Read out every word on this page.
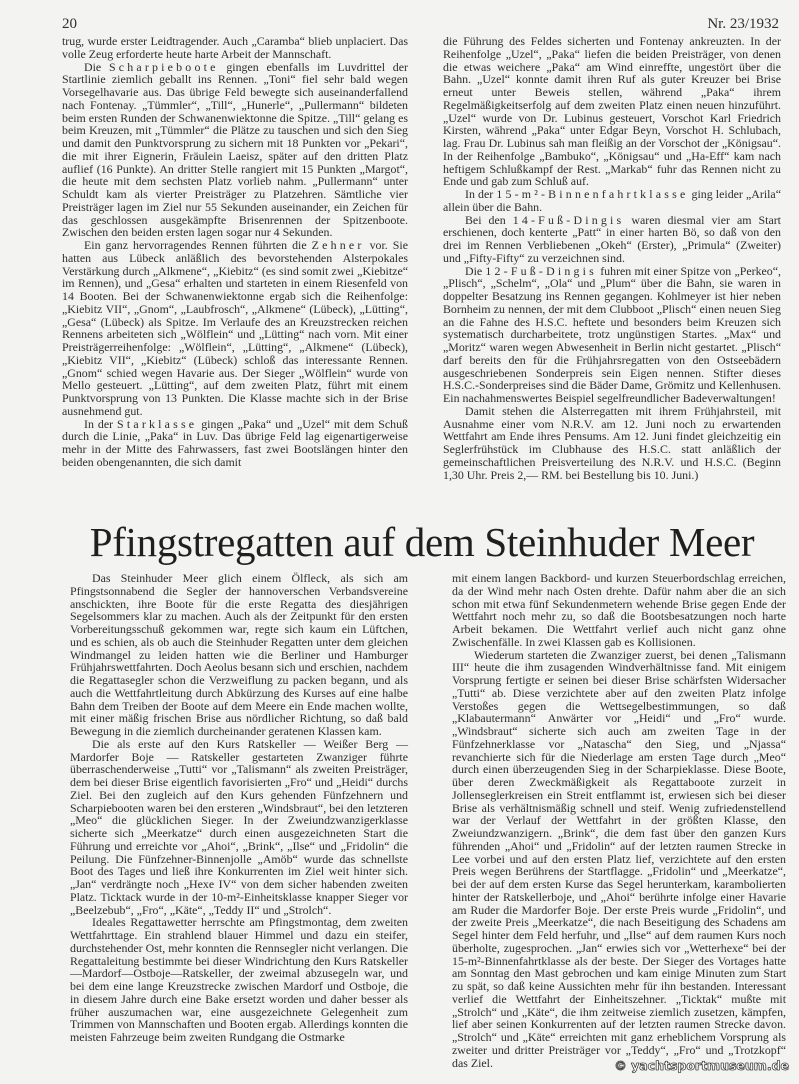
20	Nr. 23/1932

trug, wurde erster Leidtragender. Auch „Caramba“ blieb unplaciert. Das volle Zeug erforderte heute harte Arbeit der Mannschaft.

Die Scharpieboote gingen ebenfalls im Luvdrittel der Startlinie ziemlich geballt ins Rennen. „Toni“ fiel sehr bald wegen Vorsegelhavarie aus. Das übrige Feld bewegte sich auseinanderfallend nach Fontenay. „Tümmler“, „Till“, „Hunerle“, „Pullermann“ bildeten beim ersten Runden der Schwanenwiektonne die Spitze. „Till“ gelang es beim Kreuzen, mit „Tümmler“ die Plätze zu tauschen und sich den Sieg und damit den Punktvorsprung zu sichern mit 18 Punkten vor „Pekari“, die mit ihrer Eignerin, Fräulein Laeisz, später auf den dritten Platz auflief (16 Punkte). An dritter Stelle rangiert mit 15 Punkten „Margot“, die heute mit dem sechsten Platz vorlieb nahm. „Pullermann“ unter Schuldt kam als vierter Preisträger zu Platzehren. Sämtliche vier Preisträger lagen im Ziel nur 55 Sekunden auseinander, ein Zeichen für das geschlossen ausgekämpfte Brisenrennen der Spitzenboote. Zwischen den beiden ersten lagen sogar nur 4 Sekunden.

Ein ganz hervorragendes Rennen führten die Zehner vor. Sie hatten aus Lübeck anläßlich des bevorstehenden Alsterpokales Verstärkung durch „Alkmene“, „Kiebitz“ (es sind somit zwei „Kiebitze“ im Rennen), und „Gesa“ erhalten und starteten in einem Riesenfeld von 14 Booten. Bei der Schwanenwiektonne ergab sich die Reihenfolge: „Kiebitz VII“, „Gnom“, „Laubfrosch“, „Alkmene“ (Lübeck), „Lütting“, „Gesa“ (Lübeck) als Spitze. Im Verlaufe des an Kreuzstrecken reichen Rennens arbeiteten sich „Wölflein“ und „Lütting“ nach vorn. Mit einer Preisträgerreihenfolge: „Wölflein“, „Lütting“, „Alkmene“ (Lübeck), „Kiebitz VII“, „Kiebitz“ (Lübeck) schloß das interessante Rennen. „Gnom“ schied wegen Havarie aus. Der Sieger „Wölflein“ wurde von Mello gesteuert. „Lütting“, auf dem zweiten Platz, führt mit einem Punktvorsprung von 13 Punkten. Die Klasse machte sich in der Brise ausnehmend gut.

In der Starklasse gingen „Paka“ und „Uzel“ mit dem Schuß durch die Linie, „Paka“ in Luv. Das übrige Feld lag eigenartigerweise mehr in der Mitte des Fahrwassers, fast zwei Bootslängen hinter den beiden obengenannten, die sich damit

die Führung des Feldes sicherten und Fontenay ankreuzten. In der Reihenfolge „Uzel“, „Paka“ liefen die beiden Preisträger, von denen die etwas weichere „Paka“ am Wind einreffte, ungestört über die Bahn. „Uzel“ konnte damit ihren Ruf als guter Kreuzer bei Brise erneut unter Beweis stellen, während „Paka“ ihrem Regelmäßigkeitserfolg auf dem zweiten Platz einen neuen hinzuführt. „Uzel“ wurde von Dr. Lubinus gesteuert, Vorschot Karl Friedrich Kirsten, während „Paka“ unter Edgar Beyn, Vorschot H. Schlubach, lag. Frau Dr. Lubinus sah man fleißig an der Vorschot der „Königsau“. In der Reihenfolge „Bambuko“, „Königsau“ und „Ha-Eff“ kam nach heftigem Schlußkampf der Rest. „Markab“ fuhr das Rennen nicht zu Ende und gab zum Schluß auf.

In der 15-m²-Binnenfahrtklasse ging leider „Arila“ allein über die Bahn.

Bei den 14-Fuß-Dingis waren diesmal vier am Start erschienen, doch kenterte „Patt“ in einer harten Bö, so daß von den drei im Rennen Verbliebenen „Okeh“ (Erster), „Primula“ (Zweiter) und „Fifty-Fifty“ zu verzeichnen sind.

Die 12-Fuß-Dingis fuhren mit einer Spitze von „Perkeo“, „Plisch“, „Schelm“, „Ola“ und „Plum“ über die Bahn, sie waren in doppelter Besatzung ins Rennen gegangen. Kohlmeyer ist hier neben Bornheim zu nennen, der mit dem Clubboot „Plisch“ einen neuen Sieg an die Fahne des H.S.C. heftete und besonders beim Kreuzen sich systematisch durcharbeitete, trotz ungünstigen Startes. „Max“ und „Moritz“ waren wegen Abwesenheit in Berlin nicht gestartet. „Plisch“ darf bereits den für die Frühjahrsregatten von den Ostseebädern ausgeschriebenen Sonderpreis sein Eigen nennen. Stifter dieses H.S.C.-Sonderpreises sind die Bäder Dame, Grömitz und Kellenhusen. Ein nachahmenswertes Beispiel segelfreundlicher Badeverwaltungen!

Damit stehen die Alsterregatten mit ihrem Frühjahrsteil, mit Ausnahme einer vom N.R.V. am 12. Juni noch zu erwartenden Wettfahrt am Ende ihres Pensums. Am 12. Juni findet gleichzeitig ein Seglerfrühstück im Clubhause des H.S.C. statt anläßlich der gemeinschaftlichen Preisverteilung des N.R.V. und H.S.C. (Beginn 1,30 Uhr. Preis 2,— RM. bei Bestellung bis 10. Juni.)

Pfingstregatten auf dem Steinhuder Meer

Das Steinhuder Meer glich einem Ölfleck, als sich am Pfingstsonnabend die Segler der hannoverschen Verbandsvereine anschickten, ihre Boote für die erste Regatta des diesjährigen Segelsommers klar zu machen. Auch als der Zeitpunkt für den ersten Vorbereitungsschuß gekommen war, regte sich kaum ein Lüftchen, und es schien, als ob auch die Steinhuder Regatten unter dem gleichen Windmangel zu leiden hatten wie die Berliner und Hamburger Frühjahrswettfahrten. Doch Aeolus besann sich und erschien, nachdem die Regattasegler schon die Verzweiflung zu packen begann, und als auch die Wettfahrtleitung durch Abkürzung des Kurses auf eine halbe Bahn dem Treiben der Boote auf dem Meere ein Ende machen wollte, mit einer mäßig frischen Brise aus nördlicher Richtung, so daß bald Bewegung in die ziemlich durcheinander geratenen Klassen kam.

Die als erste auf den Kurs Ratskeller — Weißer Berg — Mardorfer Boje — Ratskeller gestarteten Zwanziger führte überraschenderweise „Tutti“ vor „Talismann“ als zweiten Preisträger, dem bei dieser Brise eigentlich favorisierten „Fro“ und „Heidi“ durchs Ziel. Bei den zugleich auf den Kurs gehenden Fünfzehnern und Scharpiebooten waren bei den ersteren „Windsbraut“, bei den letzteren „Meo“ die glücklichen Sieger. In der Zweiundzwanzigerklasse sicherte sich „Meerkatze“ durch einen ausgezeichneten Start die Führung und erreichte vor „Ahoi“, „Brink“, „Ilse“ und „Fridolin“ die Peilung. Die Fünfzehner-Binnenjolle „Amöb“ wurde das schnellste Boot des Tages und ließ ihre Konkurrenten im Ziel weit hinter sich. „Jan“ verdrängte noch „Hexe IV“ von dem sicher habenden zweiten Platz. Ticktack wurde in der 10-m²-Einheitsklasse knapper Sieger vor „Beelzebub“, „Fro“, „Käte“, „Teddy II“ und „Strolch“.

Ideales Regattawetter herrschte am Pfingstmontag, dem zweiten Wettfahrttage. Ein strahlend blauer Himmel und dazu ein steifer, durchstehender Ost, mehr konnten die Rennsegler nicht verlangen. Die Regattaleitung bestimmte bei dieser Windrichtung den Kurs Ratskeller—Mardorf—Ostboje—Ratskeller, der zweimal abzusegeln war, und bei dem eine lange Kreuzstrecke zwischen Mardorf und Ostboje, die in diesem Jahre durch eine Bake ersetzt worden und daher besser als früher auszumachen war, eine ausgezeichnete Gelegenheit zum Trimmen von Mannschaften und Booten ergab. Allerdings konnten die meisten Fahrzeuge beim zweiten Rundgang die Ostmarke

mit einem langen Backbord- und kurzen Steuerbordschlag erreichen, da der Wind mehr nach Osten drehte. Dafür nahm aber die an sich schon mit etwa fünf Sekundenmetern wehende Brise gegen Ende der Wettfahrt noch mehr zu, so daß die Bootsbesatzungen noch harte Arbeit bekamen. Die Wettfahrt verlief auch nicht ganz ohne Zwischenfälle. In zwei Klassen gab es Kollisionen.

Wiederum starteten die Zwanziger zuerst, bei denen „Talismann III“ heute die ihm zusagenden Windverhältnisse fand. Mit einigem Vorsprung fertigte er seinen bei dieser Brise schärfsten Widersacher „Tutti“ ab. Diese verzichtete aber auf den zweiten Platz infolge Verstoßes gegen die Wettsegelbestimmungen, so daß „Klabautermann“ Anwärter vor „Heidi“ und „Fro“ wurde. „Windsbraut“ sicherte sich auch am zweiten Tage in der Fünfzehnerklasse vor „Natascha“ den Sieg, und „Njassa“ revanchierte sich für die Niederlage am ersten Tage durch „Meo“ durch einen überzeugenden Sieg in der Scharpieklasse. Diese Boote, über deren Zweckmäßigkeit als Regattaboote zurzeit in Jollenseglerkreisen ein Streit entflammt ist, erwiesen sich bei dieser Brise als verhältnismäßig schnell und steif. Wenig zufriedenstellend war der Verlauf der Wettfahrt in der größten Klasse, den Zweiundzwanzigern. „Brink“, die dem fast über den ganzen Kurs führenden „Ahoi“ und „Fridolin“ auf der letzten raumen Strecke in Lee vorbei und auf den ersten Platz lief, verzichtete auf den ersten Preis wegen Berührens der Startflagge. „Fridolin“ und „Meerkatze“, bei der auf dem ersten Kurse das Segel herunterkam, karambolierten hinter der Ratskellerboje, und „Ahoi“ berührte infolge einer Havarie am Ruder die Mardorfer Boje. Der erste Preis wurde „Fridolin“, und der zweite Preis „Meerkatze“, die nach Beseitigung des Schadens am Segel hinter dem Feld herfuhr, und „Ilse“ auf dem raumen Kurs noch überholte, zugesprochen. „Jan“ erwies sich vor „Wetterhexe“ bei der 15-m²-Binnenfahrtklasse als der beste. Der Sieger des Vortages hatte am Sonntag den Mast gebrochen und kam einige Minuten zum Start zu spät, so daß keine Aussichten mehr für ihn bestanden. Interessant verlief die Wettfahrt der Einheitszehner. „Ticktak“ mußte mit „Strolch“ und „Käte“, die ihm zeitweise ziemlich zusetzen, kämpfen, lief aber seinen Konkurrenten auf der letzten raumen Strecke davon. „Strolch“ und „Käte“ erreichten mit ganz erheblichem Vorsprung als zweiter und dritter Preisträger vor „Teddy“, „Fro“ und „Trotzkopf“ das Ziel.	© yachtsportmuseum.de
